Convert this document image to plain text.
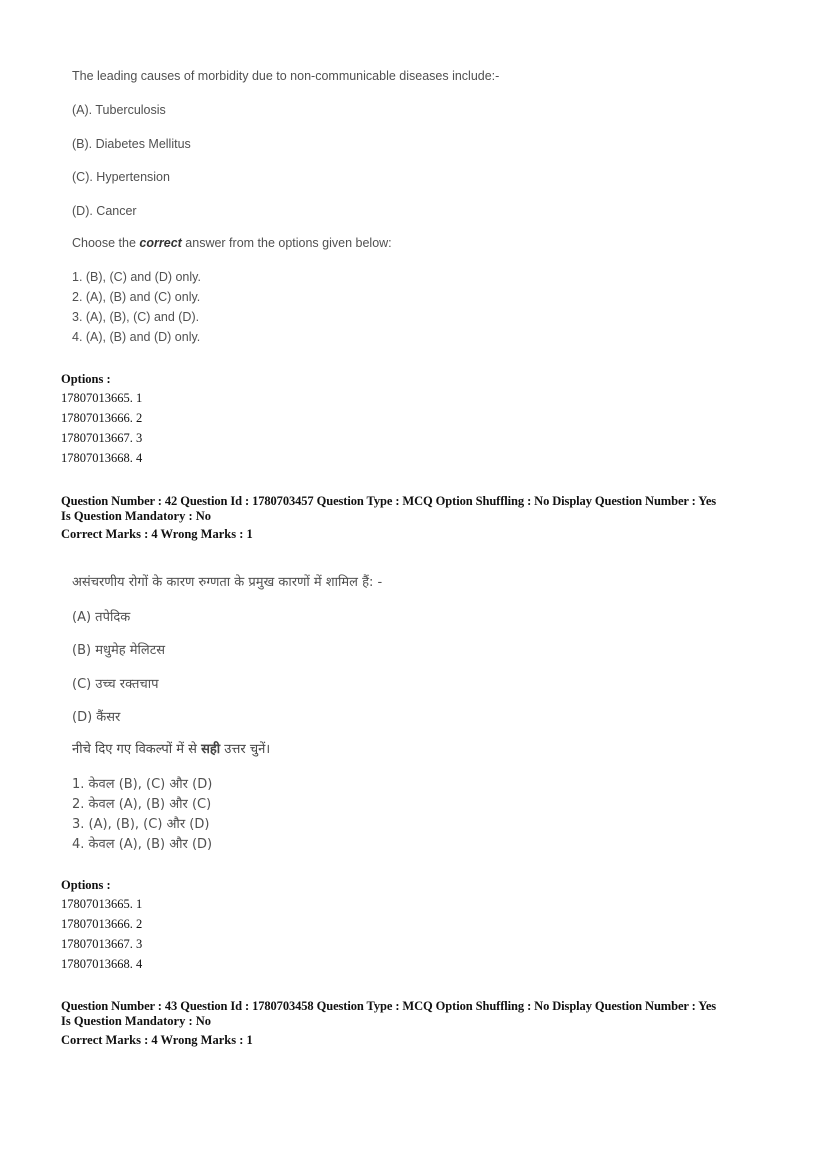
The leading causes of morbidity due to non-communicable diseases include:-
(A). Tuberculosis
(B). Diabetes Mellitus
(C). Hypertension
(D). Cancer
Choose the correct answer from the options given below:
1. (B), (C) and (D) only.
2. (A), (B) and (C) only.
3. (A), (B), (C) and (D).
4. (A), (B) and (D) only.
Options :
17807013665. 1
17807013666. 2
17807013667. 3
17807013668. 4
Question Number : 42 Question Id : 1780703457 Question Type : MCQ Option Shuffling : No Display Question Number : Yes
Is Question Mandatory : No
Correct Marks : 4 Wrong Marks : 1
असंचरणीय रोगों के कारण रुग्णता के प्रमुख कारणों में शामिल हैं: -
(A) तपेदिक
(B) मधुमेह मेलिटस
(C) उच्च रक्तचाप
(D) कैंसर
नीचे दिए गए विकल्पों में से सही उत्तर चुनें।
1. केवल (B), (C) और (D)
2. केवल (A), (B) और (C)
3. (A), (B), (C) और (D)
4. केवल (A), (B) और (D)
Options :
17807013665. 1
17807013666. 2
17807013667. 3
17807013668. 4
Question Number : 43 Question Id : 1780703458 Question Type : MCQ Option Shuffling : No Display Question Number : Yes
Is Question Mandatory : No
Correct Marks : 4 Wrong Marks : 1
